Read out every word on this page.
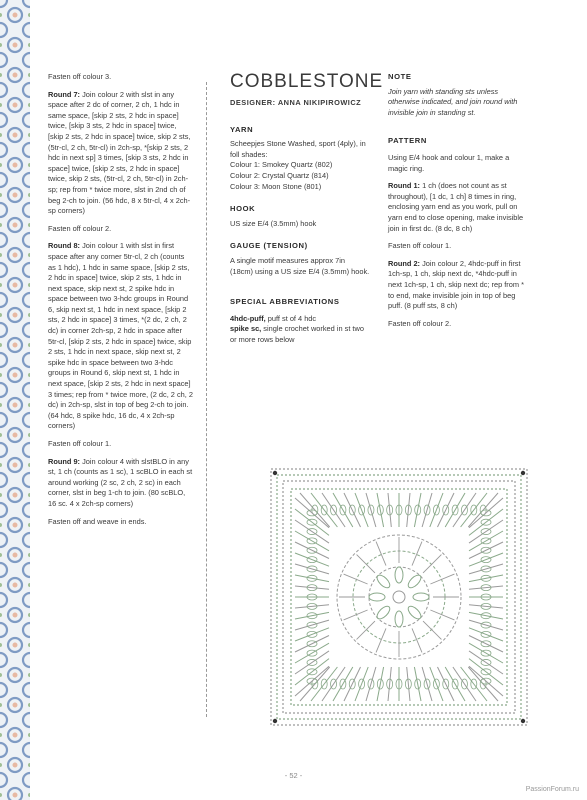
Fasten off colour 3.

Round 7: Join colour 2 with slst in any space after 2 dc of corner, 2 ch, 1 hdc in same space, [skip 2 sts, 2 hdc in space] twice, [skip 3 sts, 2 hdc in space] twice, [skip 2 sts, 2 hdc in space] twice, skip 2 sts, (5tr-cl, 2 ch, 5tr-cl) in 2ch-sp, *[skip 2 sts, 2 hdc in next sp] 3 times, [skip 3 sts, 2 hdc in space] twice, [skip 2 sts, 2 hdc in space] twice, skip 2 sts, (5tr-cl, 2 ch, 5tr-cl) in 2ch-sp; rep from * twice more, slst in 2nd ch of beg 2-ch to join. (56 hdc, 8 x 5tr-cl, 4 x 2ch-sp corners)

Fasten off colour 2.

Round 8: Join colour 1 with slst in first space after any corner 5tr-cl, 2 ch (counts as 1 hdc), 1 hdc in same space, [skip 2 sts, 2 hdc in space] twice, skip 2 sts, 1 hdc in next space, skip next st, 2 spike hdc in space between two 3-hdc groups in Round 6, skip next st, 1 hdc in next space, [skip 2 sts, 2 hdc in space] 3 times, *(2 dc, 2 ch, 2 dc) in corner 2ch-sp, 2 hdc in space after 5tr-cl, [skip 2 sts, 2 hdc in space] twice, skip 2 sts, 1 hdc in next space, skip next st, 2 spike hdc in space between two 3-hdc groups in Round 6, skip next st, 1 hdc in next space, [skip 2 sts, 2 hdc in next space] 3 times; rep from * twice more, (2 dc, 2 ch, 2 dc) in 2ch-sp, slst in top of beg 2-ch to join. (64 hdc, 8 spike hdc, 16 dc, 4 x 2ch-sp corners)

Fasten off colour 1.

Round 9: Join colour 4 with slstBLO in any st, 1 ch (counts as 1 sc), 1 scBLO in each st around working (2 sc, 2 ch, 2 sc) in each corner, slst in beg 1-ch to join. (80 scBLO, 16 sc. 4 x 2ch-sp corners)

Fasten off and weave in ends.

COBBLESTONE
DESIGNER: ANNA NIKIPIROWICZ
YARN
Scheepjes Stone Washed, sport (4ply), in foll shades:
Colour 1: Smokey Quartz (802)
Colour 2: Crystal Quartz (814)
Colour 3: Moon Stone (801)
HOOK
US size E/4 (3.5mm) hook
GAUGE (TENSION)
A single motif measures approx 7in (18cm) using a US size E/4 (3.5mm) hook.
SPECIAL ABBREVIATIONS
4hdc-puff, puff st of 4 hdc
spike sc, single crochet worked in st two or more rows below
NOTE
Join yarn with standing sts unless otherwise indicated, and join round with invisible join in standing st.
PATTERN

Using E/4 hook and colour 1, make a magic ring.

Round 1: 1 ch (does not count as st throughout), [1 dc, 1 ch] 8 times in ring, enclosing yarn end as you work, pull on yarn end to close opening, make invisible join in first dc. (8 dc, 8 ch)

Fasten off colour 1.

Round 2: Join colour 2, 4hdc-puff in first 1ch-sp, 1 ch, skip next dc, *4hdc-puff in next 1ch-sp, 1 ch, skip next dc; rep from * to end, make invisible join in top of beg puff. (8 puff sts, 8 ch)

Fasten off colour 2.

- 52 -
PassionForum.ru
